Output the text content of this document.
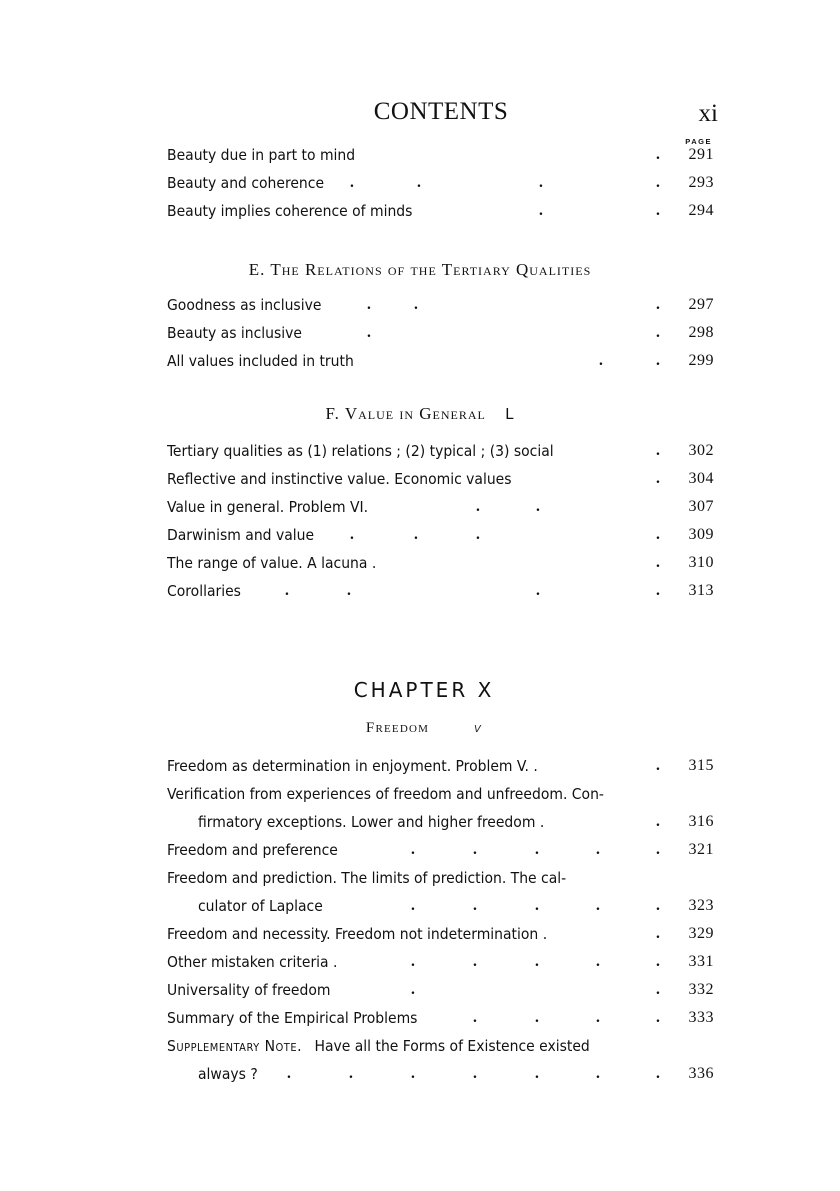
CONTENTS	xi
PAGE
Beauty due in part to mind	. 291
Beauty and coherence .	.	.	. 293
Beauty implies coherence of minds	.	. 294
E. The Relations of the Tertiary Qualities
Goodness as inclusive	.	.	. 297
Beauty as inclusive	.	. 298
All values included in truth	.	. 299
F. Value in General L
Tertiary qualities as (1) relations ; (2) typical ; (3) social	. 302
Reflective and instinctive value. Economic values	. 304
Value in general. Problem VI.	.	.	307
Darwinism and value .	.	.	. 309
The range of value. A lacuna .	. 310
Corollaries	.	.	.	. 313
CHAPTER X
Freedom	v
Freedom as determination in enjoyment. Problem V. .	. 315
Verification from experiences of freedom and unfreedom. Con-
firmatory exceptions. Lower and higher freedom .	. 316
Freedom and preference	.	.	.	.	. 321
Freedom and prediction. The limits of prediction. The cal-
culator of Laplace	.	.	.	.	. 323
Freedom and necessity. Freedom not indetermination .	. 329
Other mistaken criteria .	.	.	.	.	. 331
Universality of freedom	.	. 332
Summary of the Empirical Problems	.	.	.	. 333
Supplementary Note. Have all the Forms of Existence existed
always ? .	.	.	.	.	.	. 336
